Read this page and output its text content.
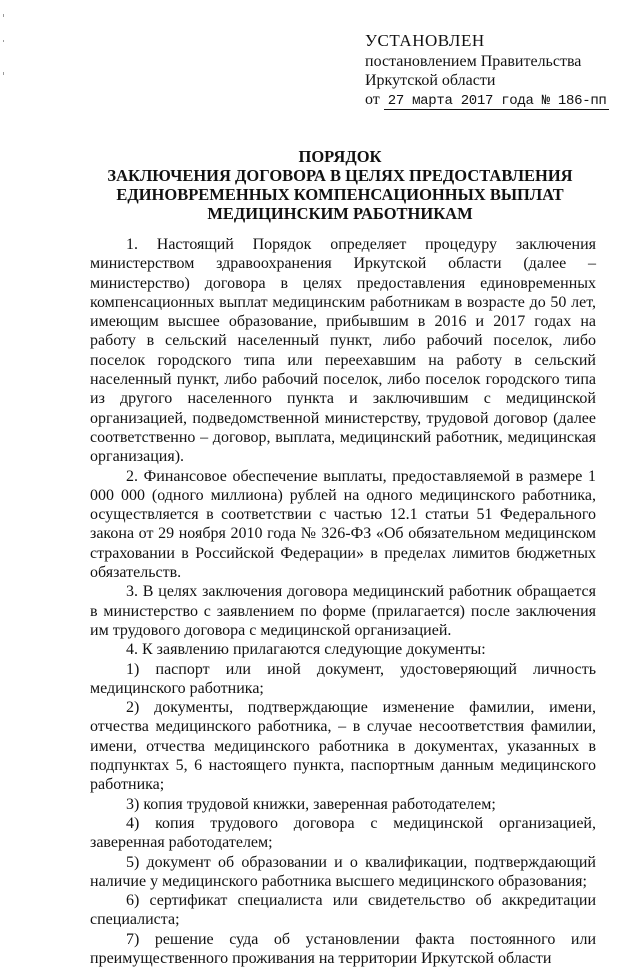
УСТАНОВЛЕН
постановлением Правительства
Иркутской области
от 27 марта 2017 года № 186-пп
ПОРЯДОК
ЗАКЛЮЧЕНИЯ ДОГОВОРА В ЦЕЛЯХ ПРЕДОСТАВЛЕНИЯ
ЕДИНОВРЕМЕННЫХ КОМПЕНСАЦИОННЫХ ВЫПЛАТ
МЕДИЦИНСКИМ РАБОТНИКАМ

1. Настоящий Порядок определяет процедуру заключения министерством здравоохранения Иркутской области (далее – министерство) договора в целях предоставления единовременных компенсационных выплат медицинским работникам в возрасте до 50 лет, имеющим высшее образование, прибывшим в 2016 и 2017 годах на работу в сельский населенный пункт, либо рабочий поселок, либо поселок городского типа или переехавшим на работу в сельский населенный пункт, либо рабочий поселок, либо поселок городского типа из другого населенного пункта и заключившим с медицинской организацией, подведомственной министерству, трудовой договор (далее соответственно – договор, выплата, медицинский работник, медицинская организация).

2. Финансовое обеспечение выплаты, предоставляемой в размере 1 000 000 (одного миллиона) рублей на одного медицинского работника, осуществляется в соответствии с частью 12.1 статьи 51 Федерального закона от 29 ноября 2010 года № 326-ФЗ «Об обязательном медицинском страховании в Российской Федерации» в пределах лимитов бюджетных обязательств.

3. В целях заключения договора медицинский работник обращается в министерство с заявлением по форме (прилагается) после заключения им трудового договора с медицинской организацией.

4. К заявлению прилагаются следующие документы:

1) паспорт или иной документ, удостоверяющий личность медицинского работника;

2) документы, подтверждающие изменение фамилии, имени, отчества медицинского работника, – в случае несоответствия фамилии, имени, отчества медицинского работника в документах, указанных в подпунктах 5, 6 настоящего пункта, паспортным данным медицинского работника;

3) копия трудовой книжки, заверенная работодателем;

4) копия трудового договора с медицинской организацией, заверенная работодателем;

5) документ об образовании и о квалификации, подтверждающий наличие у медицинского работника высшего медицинского образования;

6) сертификат специалиста или свидетельство об аккредитации специалиста;

7) решение суда об установлении факта постоянного или преимущественного проживания на территории Иркутской области
